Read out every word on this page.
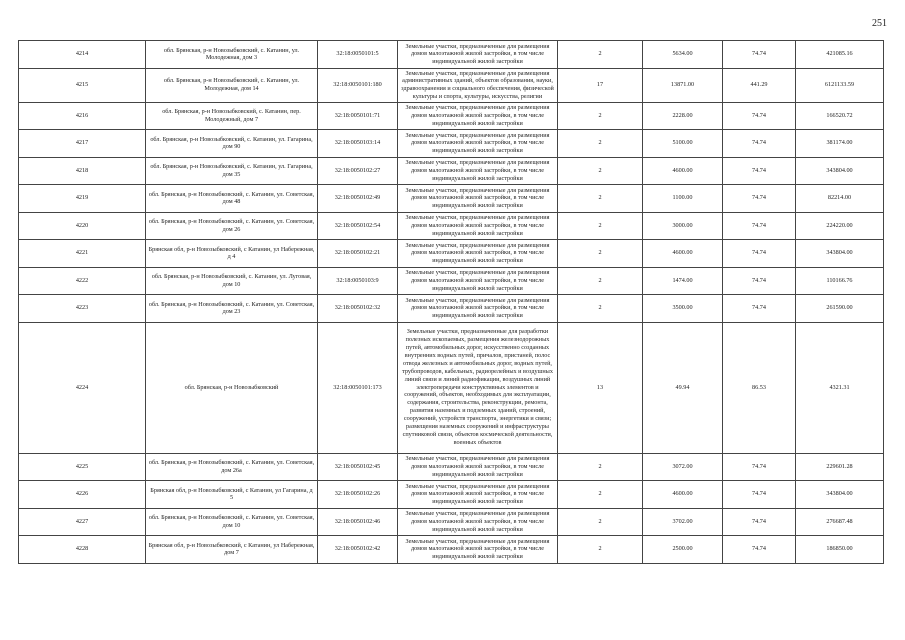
251
4214	обл. Брянская, р-н Новозыбковский, с. Катанин, ул. Молодежная, дом 3	32:18:0050101:5	Земельные участки, предназначенные для размещения домов малоэтажной жилой застройки, в том числе индивидуальной жилой застройки	2	5634.00	74.74	421085.16
4215	обл. Брянская, р-н Новозыбковский, с. Катанин, ул. Молодежная, дом 14	32:18:0050101:180	Земельные участки, предназначенные для размещения административных зданий, объектов образования, науки, здравоохранения и социального обеспечения, физической культуры и спорта, культуры, искусства, религии	17	13871.00	441.29	6121133.59
4216	обл. Брянская, р-н Новозыбковский, с. Катанин, пер. Молодежный, дом 7	32:18:0050101:71	Земельные участки, предназначенные для размещения домов малоэтажной жилой застройки, в том числе индивидуальной жилой застройки	2	2228.00	74.74	166520.72
4217	обл. Брянская, р-н Новозыбковский, с. Катанин, ул. Гагарина, дом 90	32:18:0050103:14	Земельные участки, предназначенные для размещения домов малоэтажной жилой застройки, в том числе индивидуальной жилой застройки	2	5100.00	74.74	381174.00
4218	обл. Брянская, р-н Новозыбковский, с. Катанин, ул. Гагарина, дом 35	32:18:0050102:27	Земельные участки, предназначенные для размещения домов малоэтажной жилой застройки, в том числе индивидуальной жилой застройки	2	4600.00	74.74	343804.00
4219	обл. Брянская, р-н Новозыбковский, с. Катанин, ул. Советская, дом 48	32:18:0050102:49	Земельные участки, предназначенные для размещения домов малоэтажной жилой застройки, в том числе индивидуальной жилой застройки	2	1100.00	74.74	82214.00
4220	обл. Брянская, р-н Новозыбковский, с. Катанин, ул. Советская, дом 26	32:18:0050102:54	Земельные участки, предназначенные для размещения домов малоэтажной жилой застройки, в том числе индивидуальной жилой застройки	2	3000.00	74.74	224220.00
4221	Брянская обл, р-н Новозыбковский, с Катанин, ул Набережная, д 4	32:18:0050102:21	Земельные участки, предназначенные для размещения домов малоэтажной жилой застройки, в том числе индивидуальной жилой застройки	2	4600.00	74.74	343804.00
4222	обл. Брянская, р-н Новозыбковский, с. Катанин, ул. Луговая, дом 10	32:18:0050103:9	Земельные участки, предназначенные для размещения домов малоэтажной жилой застройки, в том числе индивидуальной жилой застройки	2	1474.00	74.74	110166.76
4223	обл. Брянская, р-н Новозыбковский, с. Катанин, ул. Советская, дом 23	32:18:0050102:32	Земельные участки, предназначенные для размещения домов малоэтажной жилой застройки, в том числе индивидуальной жилой застройки	2	3500.00	74.74	261590.00
4224	обл. Брянская, р-н Новозыбковский	32:18:0050101:173	Земельные участки, предназначенные для разработки полезных ископаемых, размещения железнодорожных путей, автомобильных дорог, искусственно созданных внутренних водных путей, причалов, пристаней, полос отвода железных и автомобильных дорог, водных путей, трубопроводов, кабельных, радиорелейных и воздушных линий связи и линий радиофикации, воздушных линий электропередачи конструктивных элементов и сооружений, объектов, необходимых для эксплуатации, содержания, строительства, реконструкции, ремонта, развития наземных и подземных зданий, строений, сооружений, устройств транспорта, энергетики и связи; размещения наземных сооружений и инфраструктуры спутниковой связи, объектов космической деятельности, военных объектов	13	49.94	86.53	4321.31
4225	обл. Брянская, р-н Новозыбковский, с. Катанин, ул. Советская, дом 26а	32:18:0050102:45	Земельные участки, предназначенные для размещения домов малоэтажной жилой застройки, в том числе индивидуальной жилой застройки	2	3072.00	74.74	229601.28
4226	Брянская обл, р-н Новозыбковский, с Катанин, ул Гагарина, д 5	32:18:0050102:26	Земельные участки, предназначенные для размещения домов малоэтажной жилой застройки, в том числе индивидуальной жилой застройки	2	4600.00	74.74	343804.00
4227	обл. Брянская, р-н Новозыбковский, с. Катанин, ул. Советская, дом 10	32:18:0050102:46	Земельные участки, предназначенные для размещения домов малоэтажной жилой застройки, в том числе индивидуальной жилой застройки	2	3702.00	74.74	276687.48
4228	Брянская обл, р-н Новозыбковский, с Катанин, ул Набережная, дом 7	32:18:0050102:42	Земельные участки, предназначенные для размещения домов малоэтажной жилой застройки, в том числе индивидуальной жилой застройки	2	2500.00	74.74	186850.00
